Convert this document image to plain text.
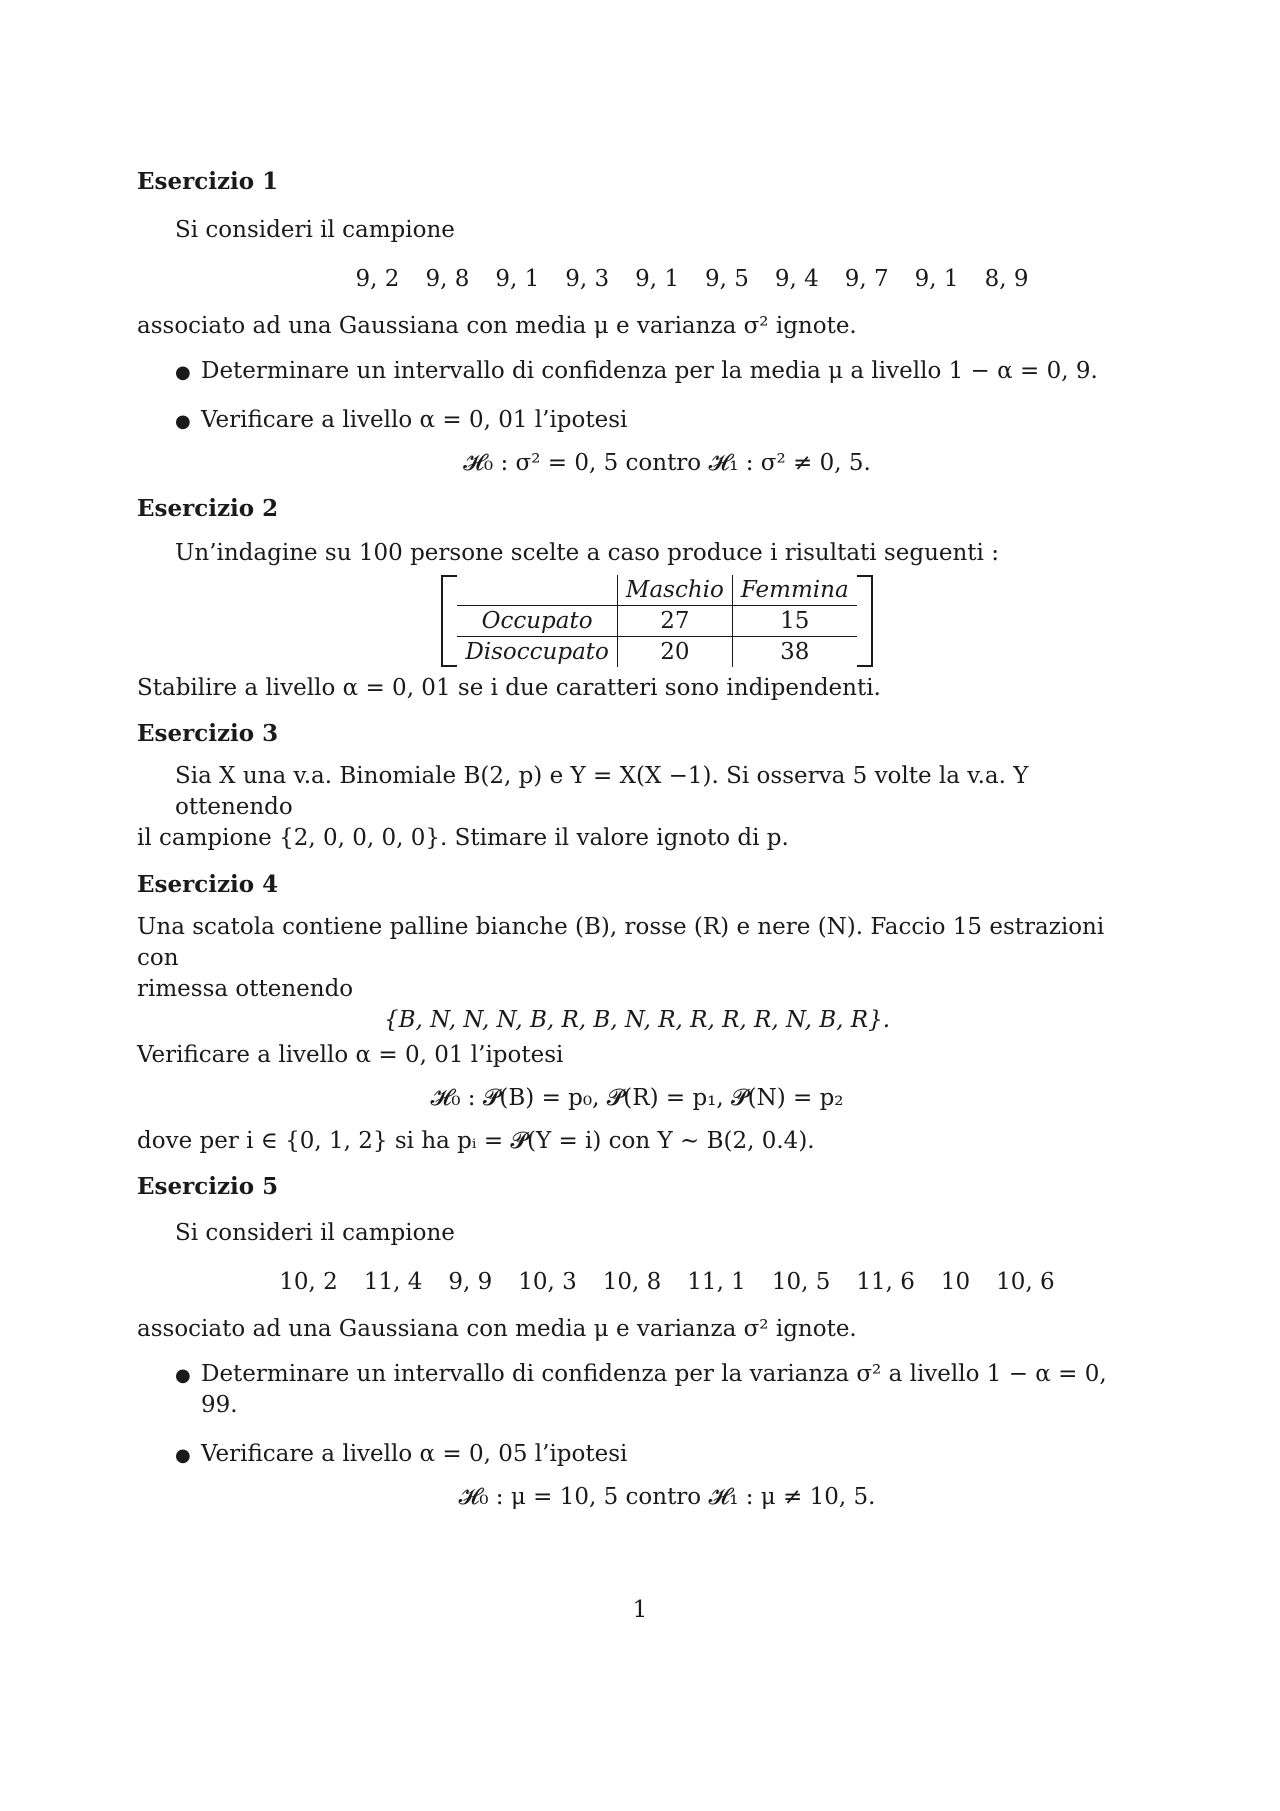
Esercizio 1

Si consideri il campione

9, 2 9, 8 9, 1 9, 3 9, 1 9, 5 9, 4 9, 7 9, 1 8, 9

associato ad una Gaussiana con media μ e varianza σ² ignote.

● Determinare un intervallo di confidenza per la media μ a livello 1 − α = 0, 9.
● Verificare a livello α = 0, 01 l’ipotesi

𝓗₀ : σ² = 0, 5 contro 𝓗₁ : σ² ≠ 0, 5.

Esercizio 2

Un’indagine su 100 persone scelte a caso produce i risultati seguenti :

	Maschio	Femmina
Occupato	27	15
Disoccupato	20	38

Stabilire a livello α = 0, 01 se i due caratteri sono indipendenti.

Esercizio 3

Sia X una v.a. Binomiale B(2, p) e Y = X(X −1). Si osserva 5 volte la v.a. Y ottenendo

il campione {2, 0, 0, 0, 0}. Stimare il valore ignoto di p.

Esercizio 4

Una scatola contiene palline bianche (B), rosse (R) e nere (N). Faccio 15 estrazioni con

rimessa ottenendo

{B, N, N, N, B, R, B, N, R, R, R, R, N, B, R}.

Verificare a livello α = 0, 01 l’ipotesi

𝓗₀ : 𝓟(B) = p₀, 𝓟(R) = p₁, 𝓟(N) = p₂

dove per i ∈ {0, 1, 2} si ha pᵢ = 𝓟(Y = i) con Y ∼ B(2, 0.4).

Esercizio 5

Si consideri il campione

10, 2 11, 4 9, 9 10, 3 10, 8 11, 1 10, 5 11, 6 10 10, 6

associato ad una Gaussiana con media μ e varianza σ² ignote.

● Determinare un intervallo di confidenza per la varianza σ² a livello 1 − α = 0, 99.
● Verificare a livello α = 0, 05 l’ipotesi

𝓗₀ : μ = 10, 5 contro 𝓗₁ : μ ≠ 10, 5.

1
